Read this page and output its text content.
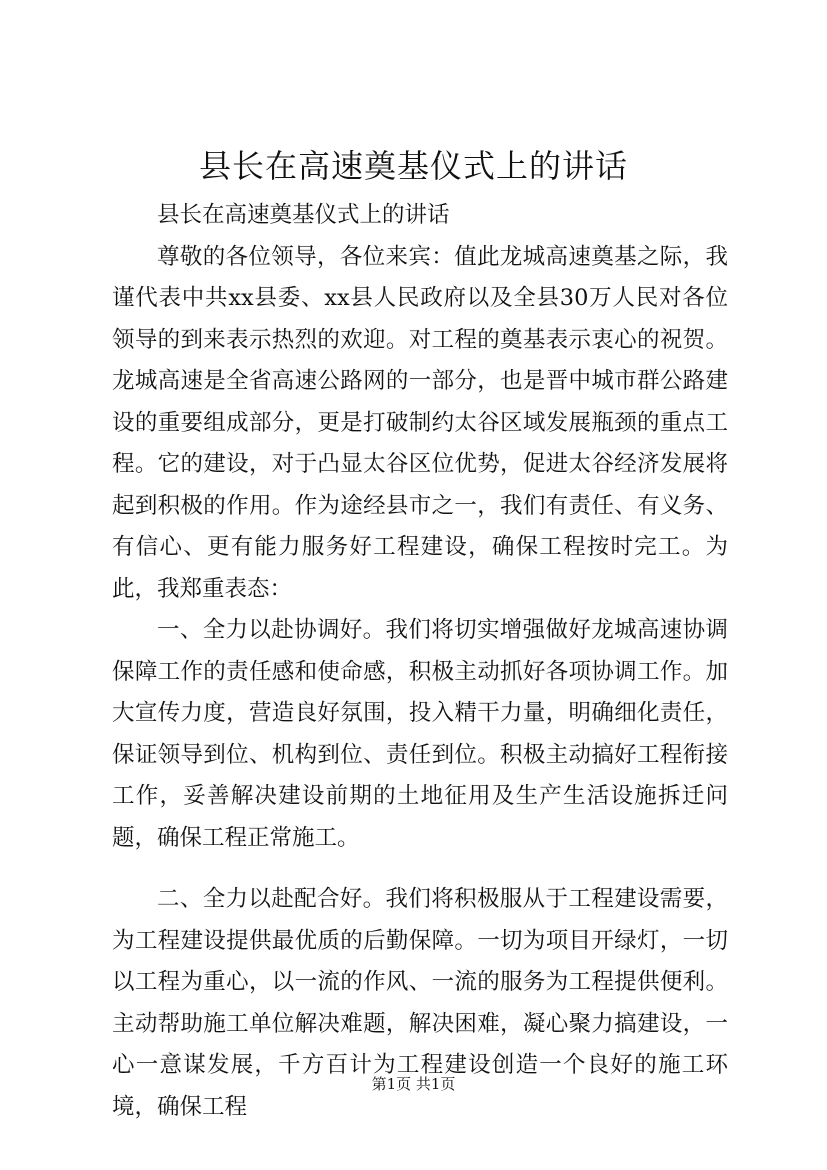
县长在高速奠基仪式上的讲话

县长在高速奠基仪式上的讲话

尊敬的各位领导，各位来宾：值此龙城高速奠基之际，我谨代表中共xx县委、xx县人民政府以及全县30万人民对各位领导的到来表示热烈的欢迎。对工程的奠基表示衷心的祝贺。龙城高速是全省高速公路网的一部分，也是晋中城市群公路建设的重要组成部分，更是打破制约太谷区域发展瓶颈的重点工程。它的建设，对于凸显太谷区位优势，促进太谷经济发展将起到积极的作用。作为途经县市之一，我们有责任、有义务、有信心、更有能力服务好工程建设，确保工程按时完工。为此，我郑重表态：

一、全力以赴协调好。我们将切实增强做好龙城高速协调保障工作的责任感和使命感，积极主动抓好各项协调工作。加大宣传力度，营造良好氛围，投入精干力量，明确细化责任，保证领导到位、机构到位、责任到位。积极主动搞好工程衔接工作，妥善解决建设前期的土地征用及生产生活设施拆迁问题，确保工程正常施工。

二、全力以赴配合好。我们将积极服从于工程建设需要，为工程建设提供最优质的后勤保障。一切为项目开绿灯，一切以工程为重心，以一流的作风、一流的服务为工程提供便利。主动帮助施工单位解决难题，解决困难，凝心聚力搞建设，一心一意谋发展，千方百计为工程建设创造一个良好的施工环境，确保工程

第1页 共1页
